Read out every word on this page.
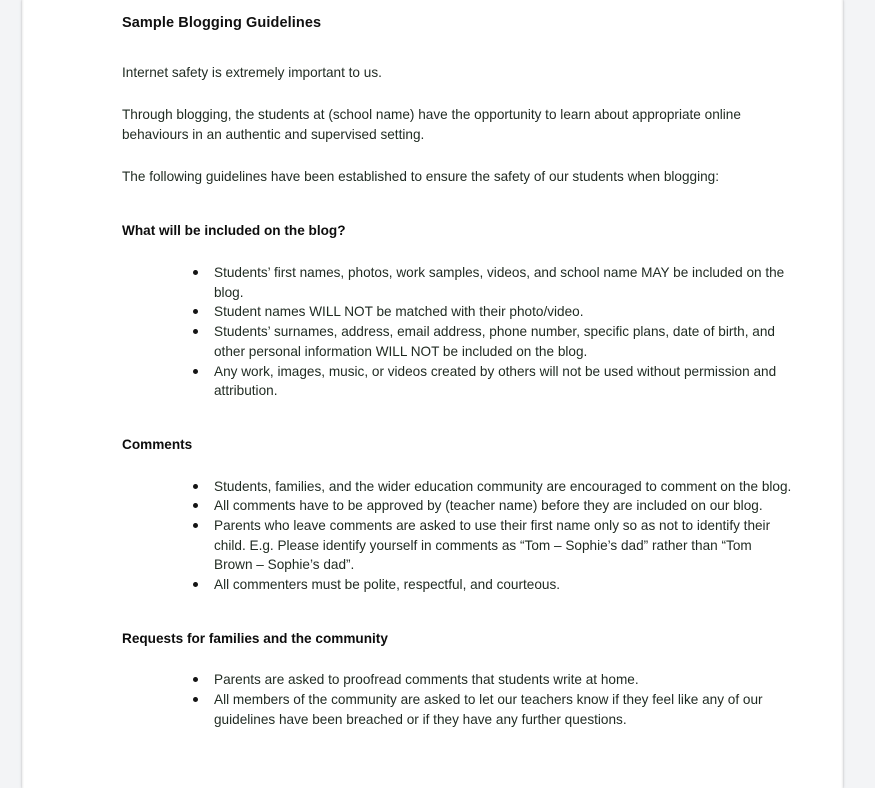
Sample Blogging Guidelines

Internet safety is extremely important to us.

Through blogging, the students at (school name) have the opportunity to learn about appropriate online behaviours in an authentic and supervised setting.

The following guidelines have been established to ensure the safety of our students when blogging:

What will be included on the blog?
Students’ first names, photos, work samples, videos, and school name MAY be included on the blog.
Student names WILL NOT be matched with their photo/video.
Students’ surnames, address, email address, phone number, specific plans, date of birth, and other personal information WILL NOT be included on the blog.
Any work, images, music, or videos created by others will not be used without permission and attribution.
Comments
Students, families, and the wider education community are encouraged to comment on the blog.
All comments have to be approved by (teacher name) before they are included on our blog.
Parents who leave comments are asked to use their first name only so as not to identify their child. E.g. Please identify yourself in comments as “Tom – Sophie’s dad” rather than “Tom Brown – Sophie’s dad”.
All commenters must be polite, respectful, and courteous.
Requests for families and the community
Parents are asked to proofread comments that students write at home.
All members of the community are asked to let our teachers know if they feel like any of our guidelines have been breached or if they have any further questions.
